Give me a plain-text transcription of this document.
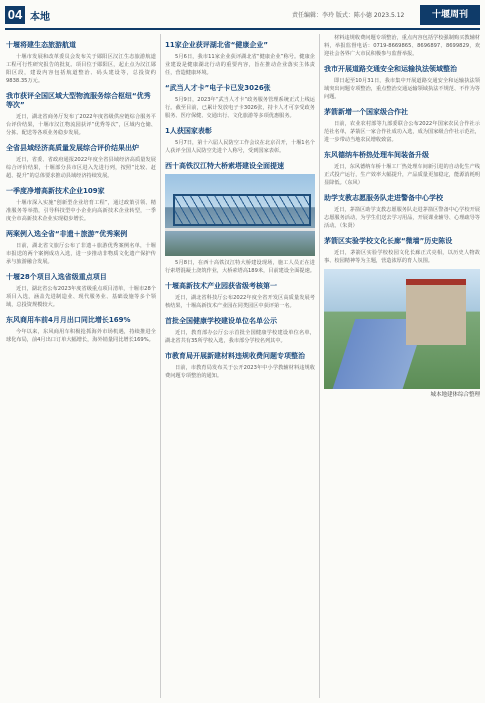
04 本地	责任编辑：李玲 版式：陈小德 2023.5.12	十堰周刊
十堰将建生态旅游航道

十堰市发展和改革委员会发布关于郧阳区汉江生态旅游航道工程可行性研究报告的批复。项目位于郧阳区，起止点为汉江郧阳区段，建设内容包括航道整治、码头建设等，总投资约9838.35万元。

我市获评全国区域大型物流服务综合枢纽“优秀等次”

近日，湖北省商务厅发布了2022年度省级供应链综合服务平台评价结果，十堰市汉江物流园获评“优秀等次”，区域内仓储、分拣、配送等各项业务稳步发展。

全省县域经济高质量发展综合评价结果出炉

近日，省委、省政府通报2022年度全省县域经济高质量发展综合评价结果，十堰部分县市区进入先进行列，按照“比较、赶超、提升”的总体要求推动县域经济持续发展。

一季度净增高新技术企业109家

十堰市深入实施“创新型企业培育工程”，通过政策引领、精准服务等举措，引导科技型中小企业向高新技术企业转型，一季度全市高新技术企业实现稳步增长。

两案例入选全省“非遗＋旅游”优秀案例

日前，湖北省文旅厅公布了非遗＋旅游优秀案例名单，十堰市报送的两个案例成功入选，进一步推动非物质文化遗产保护传承与旅游融合发展。

十堰28个项目入选省级重点项目

近日，湖北省公布2023年度省级重点项目清单，十堰市28个项目入选，涵盖先进制造业、现代服务业、基础设施等多个领域，总投资规模较大。

东风商用车前4月月出口同比增长169%

今年以来，东风商用车积极抢抓海外市场机遇，持续推进全球化布局，前4月出口订单大幅增长，海外销量同比增长169%。

11家企业获评湖北省“健康企业”

5月6日，我市11家企业获评湖北省“健康企业”称号。健康企业建设是健康湖北行动的重要内容，旨在推动企业落实主体责任，营造健康环境。

“武当人才卡”电子卡已发3026张

5月9日，2023年“武当人才卡”政务服务管理系统正式上线运行。截至目前，已累计发放电子卡3026张，持卡人才可享受政务服务、医疗保健、交通出行、文化旅游等多项优惠服务。

1人获国家表彰

5月7日，第十六届人民防空工作会议在北京召开，十堰1名个人获评全国人民防空先进个人称号，受到国家表彰。

西十高铁汉江特大桥索塔建设全面提速

5月8日，在西十高铁汉江特大桥建设现场，施工人员正在进行索塔混凝土浇筑作业，大桥索塔高189米，目前建设全面提速。

十堰高新技术产业园获省级考核第一

近日，湖北省科技厅公布2022年度全省开发区高质量发展考核结果，十堰高新技术产业园在同类园区中获评第一名。

首批全国健康学校建设单位名单公示

近日，教育部办公厅公示首批全国健康学校建设单位名单，湖北省共有35所学校入选，我市部分学校名列其中。

市教育局开展新建材料违规收费问题专项整治

日前，市教育局发布关于公开2023年中小学教辅材料违规收费问题专项整治的通知。

材料违规收费问题专项整治，重点内容包括学校强制购买教辅材料，举报监督电话：0719-8669865、8696897、8699829，欢迎社会各界广大市民积极参与监督举报。

我市开展道路交通安全和运输执法领域整治

即日起至10月31日，我市集中开展道路交通安全和运输执法领域突出问题专项整治，重点整治交通运输领域执法不规范、不作为等问题。

茅箭新增一个国家级合作社

日前，农业农村部等九部委联合公布2022年国家农民合作社示范社名单，茅箭区一家合作社成功入选，成为国家级合作社示范社，进一步带动当地农民增收致富。

东风德纳车桥热处理车间装备升级

近日，东风德纳车桥十堰工厂热处理车间新引进的自动化生产线正式投产运行，生产效率大幅提升，产品质量更加稳定，能源消耗明显降低。（东风）

助学支教志愿服务队走进警备中心学校

近日，茅箭区助学支教志愿服务队走进茅箭区警备中心学校开展志愿服务活动，为学生们送去学习用品，开展课业辅导、心理疏导等活动。（朱贤）

茅箭区实验学校文化长廊“微墙”历史陈设

近日，茅箭区实验学校校园文化长廊正式亮相，以历史人物故事、校园精神等为主题，营造浓厚的育人氛围。

城本地建体综合整理
